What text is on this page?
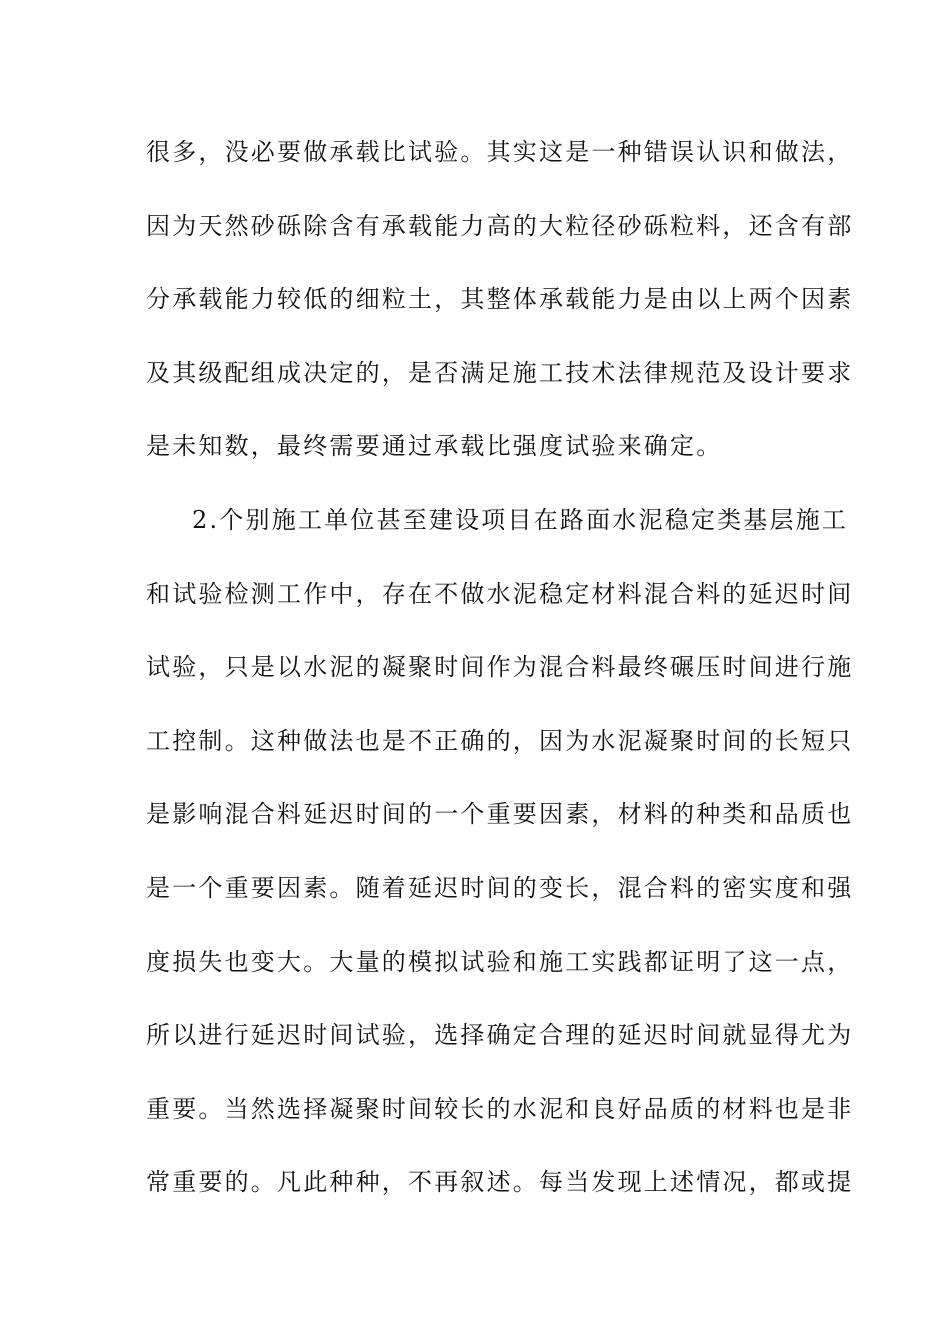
很多，没必要做承载比试验。其实这是一种错误认识和做法，
因为天然砂砾除含有承载能力高的大粒径砂砾粒料，还含有部
分承载能力较低的细粒土，其整体承载能力是由以上两个因素
及其级配组成决定的，是否满足施工技术法律规范及设计要求
是未知数，最终需要通过承载比强度试验来确定。
2.个别施工单位甚至建设项目在路面水泥稳定类基层施工
和试验检测工作中，存在不做水泥稳定材料混合料的延迟时间
试验，只是以水泥的凝聚时间作为混合料最终碾压时间进行施
工控制。这种做法也是不正确的，因为水泥凝聚时间的长短只
是影响混合料延迟时间的一个重要因素，材料的种类和品质也
是一个重要因素。随着延迟时间的变长，混合料的密实度和强
度损失也变大。大量的模拟试验和施工实践都证明了这一点，
所以进行延迟时间试验，选择确定合理的延迟时间就显得尤为
重要。当然选择凝聚时间较长的水泥和良好品质的材料也是非
常重要的。凡此种种，不再叙述。每当发现上述情况，都或提
